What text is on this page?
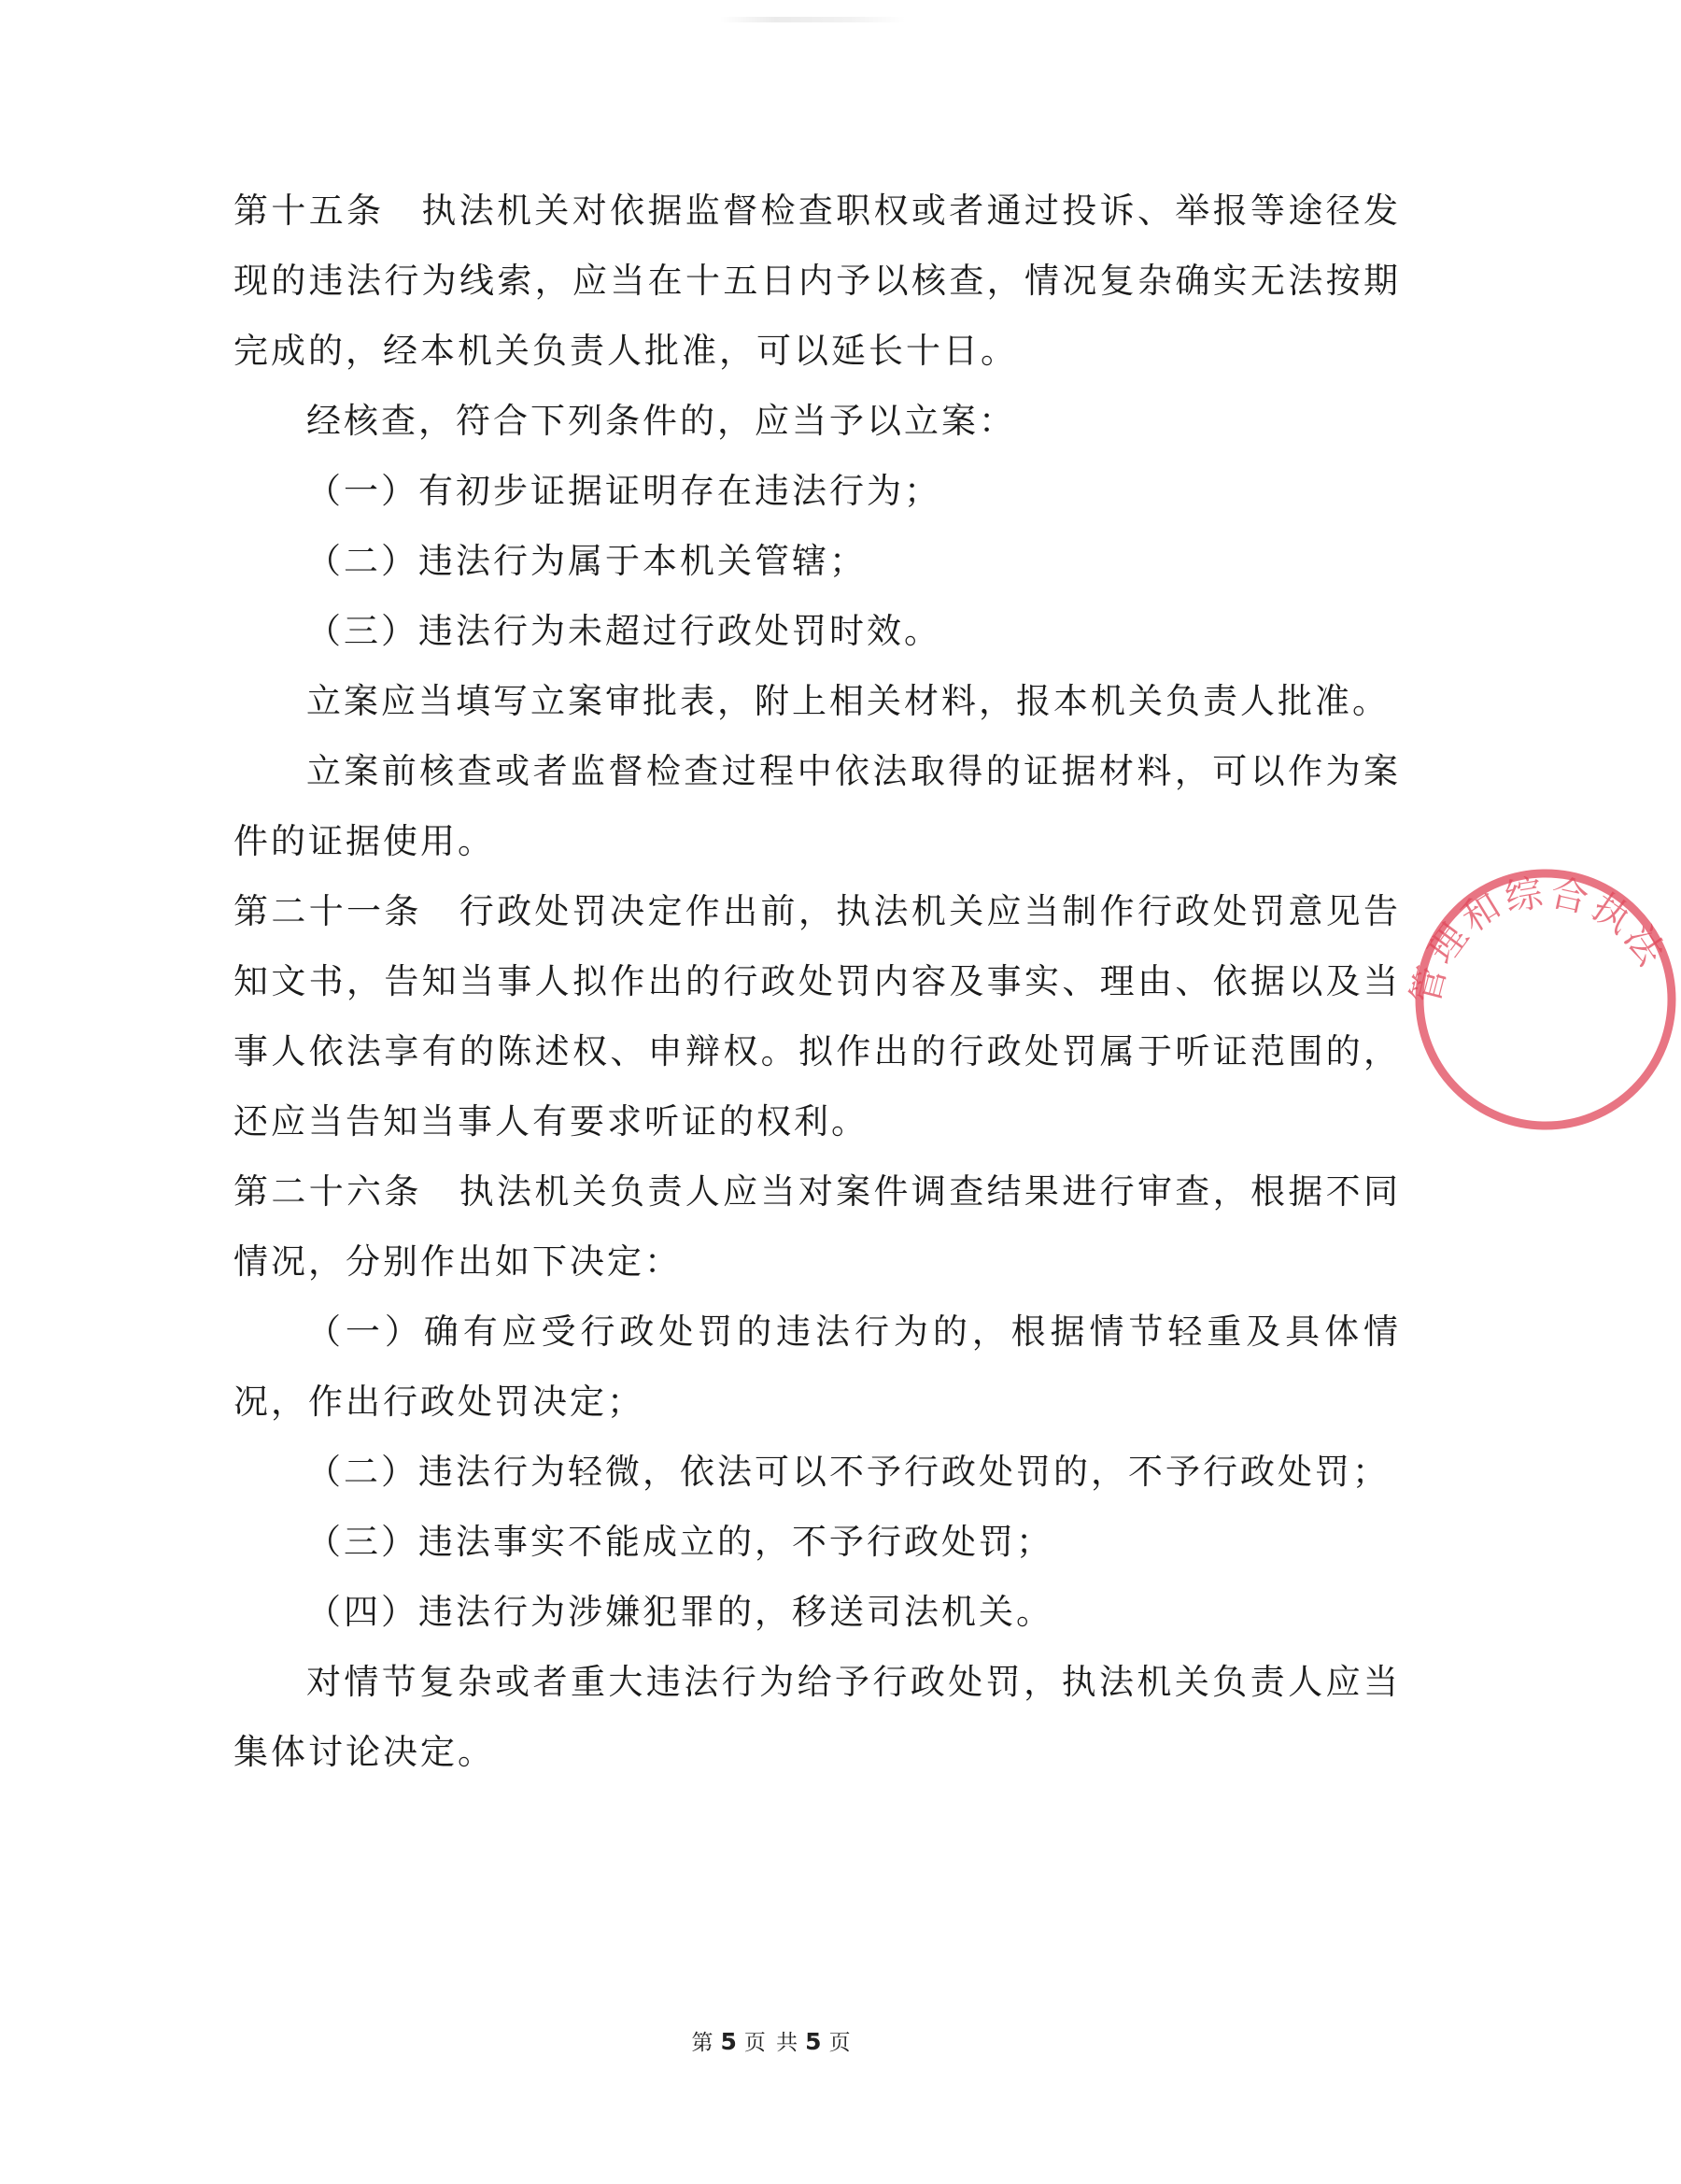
第十五条 执法机关对依据监督检查职权或者通过投诉、举报等途径发现的违法行为线索，应当在十五日内予以核查，情况复杂确实无法按期完成的，经本机关负责人批准，可以延长十日。

经核查，符合下列条件的，应当予以立案：

（一）有初步证据证明存在违法行为；

（二）违法行为属于本机关管辖；

（三）违法行为未超过行政处罚时效。

立案应当填写立案审批表，附上相关材料，报本机关负责人批准。

立案前核查或者监督检查过程中依法取得的证据材料，可以作为案件的证据使用。

第二十一条 行政处罚决定作出前，执法机关应当制作行政处罚意见告知文书，告知当事人拟作出的行政处罚内容及事实、理由、依据以及当事人依法享有的陈述权、申辩权。拟作出的行政处罚属于听证范围的，还应当告知当事人有要求听证的权利。

第二十六条 执法机关负责人应当对案件调查结果进行审查，根据不同情况，分别作出如下决定：

（一）确有应受行政处罚的违法行为的，根据情节轻重及具体情况，作出行政处罚决定；

（二）违法行为轻微，依法可以不予行政处罚的，不予行政处罚；

（三）违法事实不能成立的，不予行政处罚；

（四）违法行为涉嫌犯罪的，移送司法机关。

对情节复杂或者重大违法行为给予行政处罚，执法机关负责人应当集体讨论决定。

管理和综合执法
第 5 页 共 5 页
